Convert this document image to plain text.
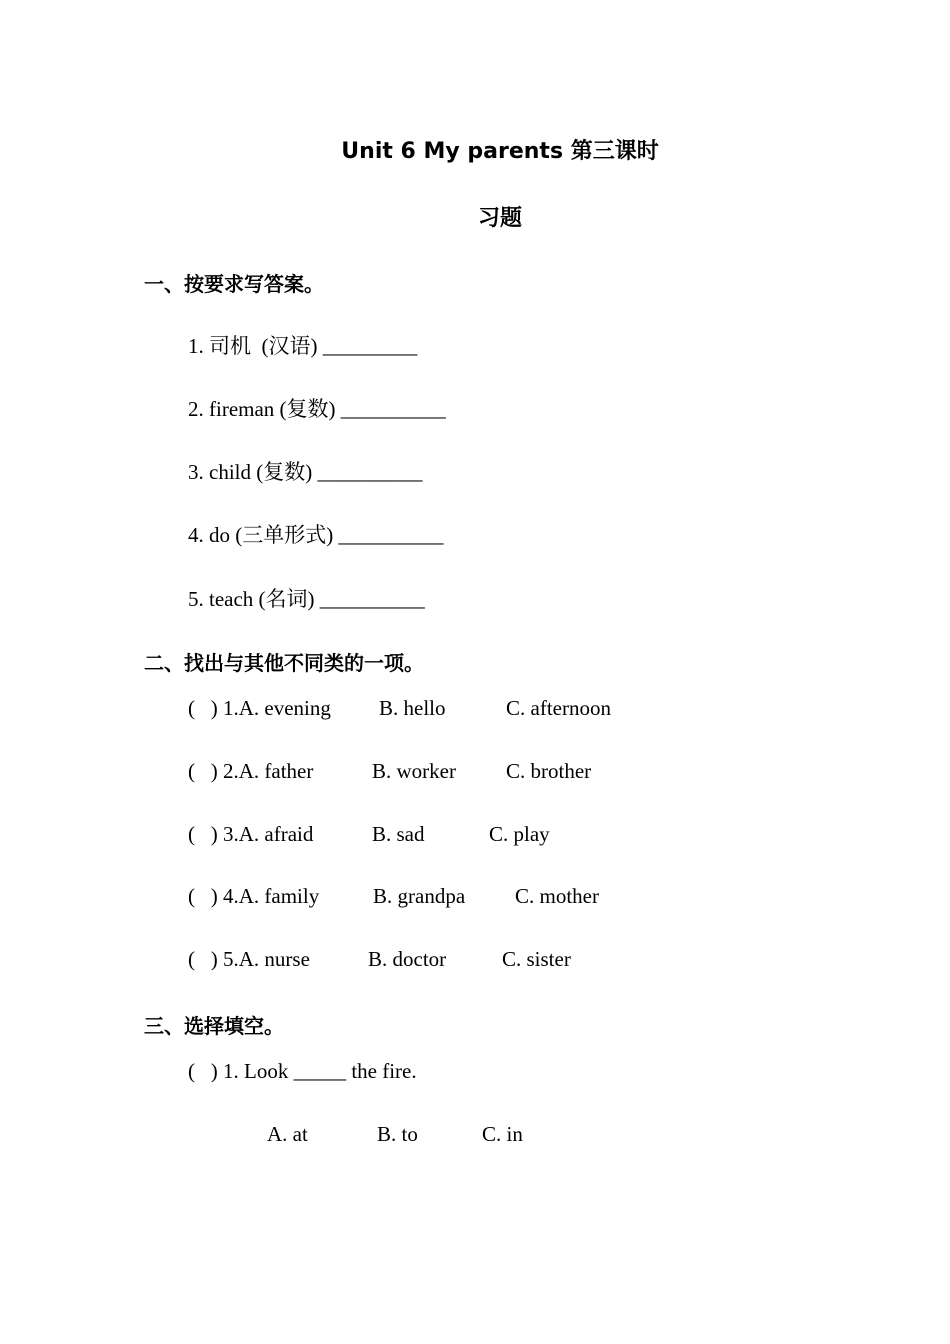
Unit 6 My parents 第三课时
习题
一、按要求写答案。
1. 司机  (汉语) _________
2. fireman (复数) __________
3. child (复数) __________
4. do (三单形式) __________
5. teach (名词) __________
二、找出与其他不同类的一项。
(   ) 1.A. evening B. hello	C. afternoon
(   ) 2.A. father	B. worker C. brother
(   ) 3.A. afraid	B. sad	C. play
(   ) 4.A. family	B. grandpa C. mother
(   ) 5.A. nurse	B. doctor	C. sister
三、选择填空。
(   ) 1. Look _____ the fire.
A. at	B. to	C. in
